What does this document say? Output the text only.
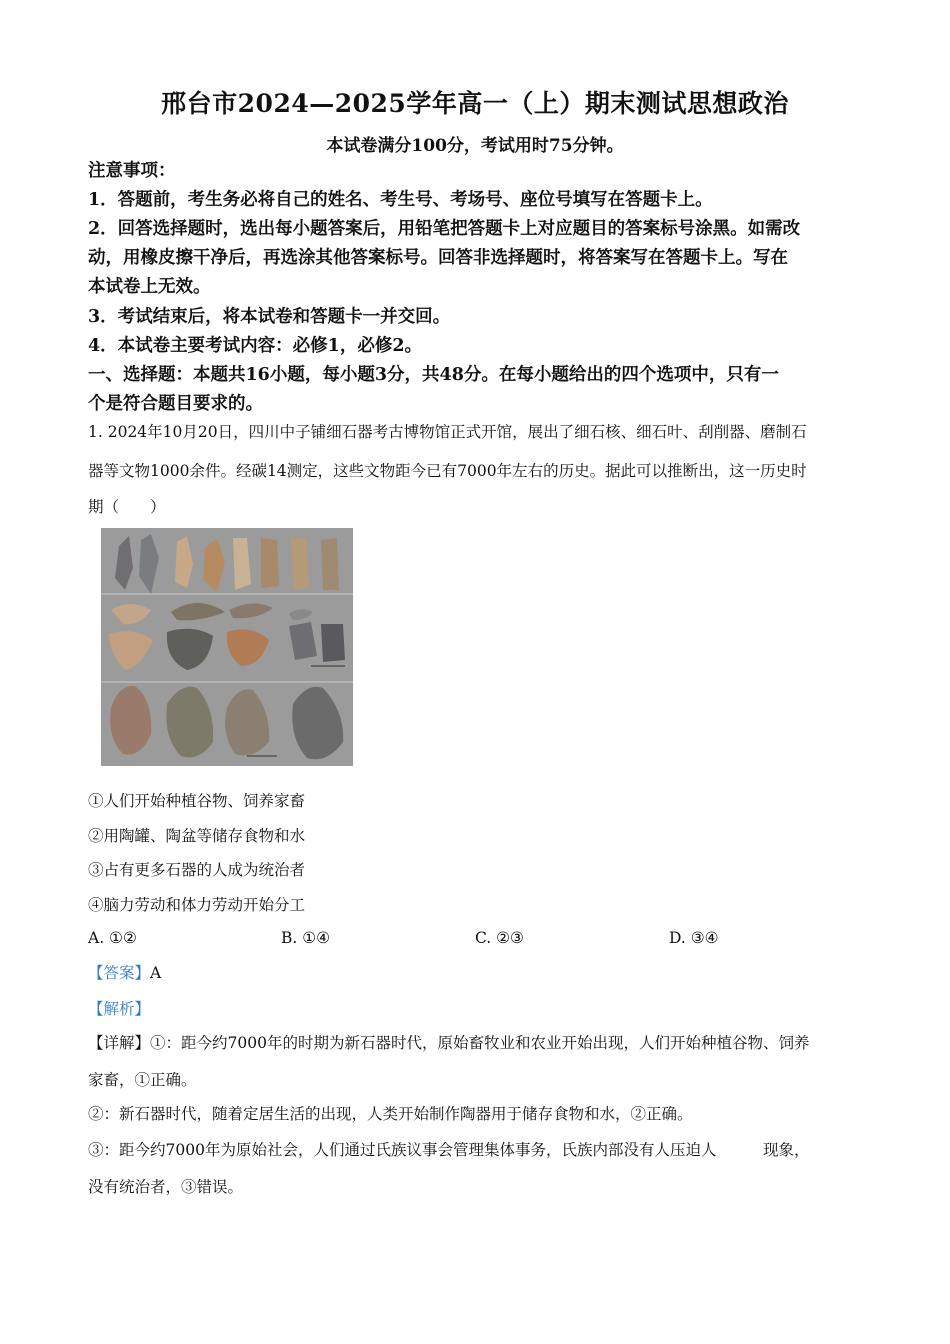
邢台市2024—2025学年高一（上）期末测试思想政治
本试卷满分100分，考试用时75分钟。
注意事项：
1．答题前，考生务必将自己的姓名、考生号、考场号、座位号填写在答题卡上。
2．回答选择题时，选出每小题答案后，用铅笔把答题卡上对应题目的答案标号涂黑。如需改
动，用橡皮擦干净后，再选涂其他答案标号。回答非选择题时，将答案写在答题卡上。写在
本试卷上无效。
3．考试结束后，将本试卷和答题卡一并交回。
4．本试卷主要考试内容：必修1，必修2。
一、选择题：本题共16小题，每小题3分，共48分。在每小题给出的四个选项中，只有一
个是符合题目要求的。
1. 2024年10月20日，四川中子铺细石器考古博物馆正式开馆，展出了细石核、细石叶、刮削器、磨制石
器等文物1000余件。经碳14测定，这些文物距今已有7000年左右的历史。据此可以推断出，这一历史时
期（　　）
①人们开始种植谷物、饲养家畜
②用陶罐、陶盆等储存食物和水
③占有更多石器的人成为统治者
④脑力劳动和体力劳动开始分工
A. ①②	B. ①④	C. ②③	D. ③④
【答案】A
【解析】
【详解】①：距今约7000年的时期为新石器时代，原始畜牧业和农业开始出现，人们开始种植谷物、饲养
家畜，①正确。
②：新石器时代，随着定居生活的出现，人类开始制作陶器用于储存食物和水，②正确。
③：距今约7000年为原始社会，人们通过氏族议事会管理集体事务，氏族内部没有人压迫人　　　现象，
没有统治者，③错误。
